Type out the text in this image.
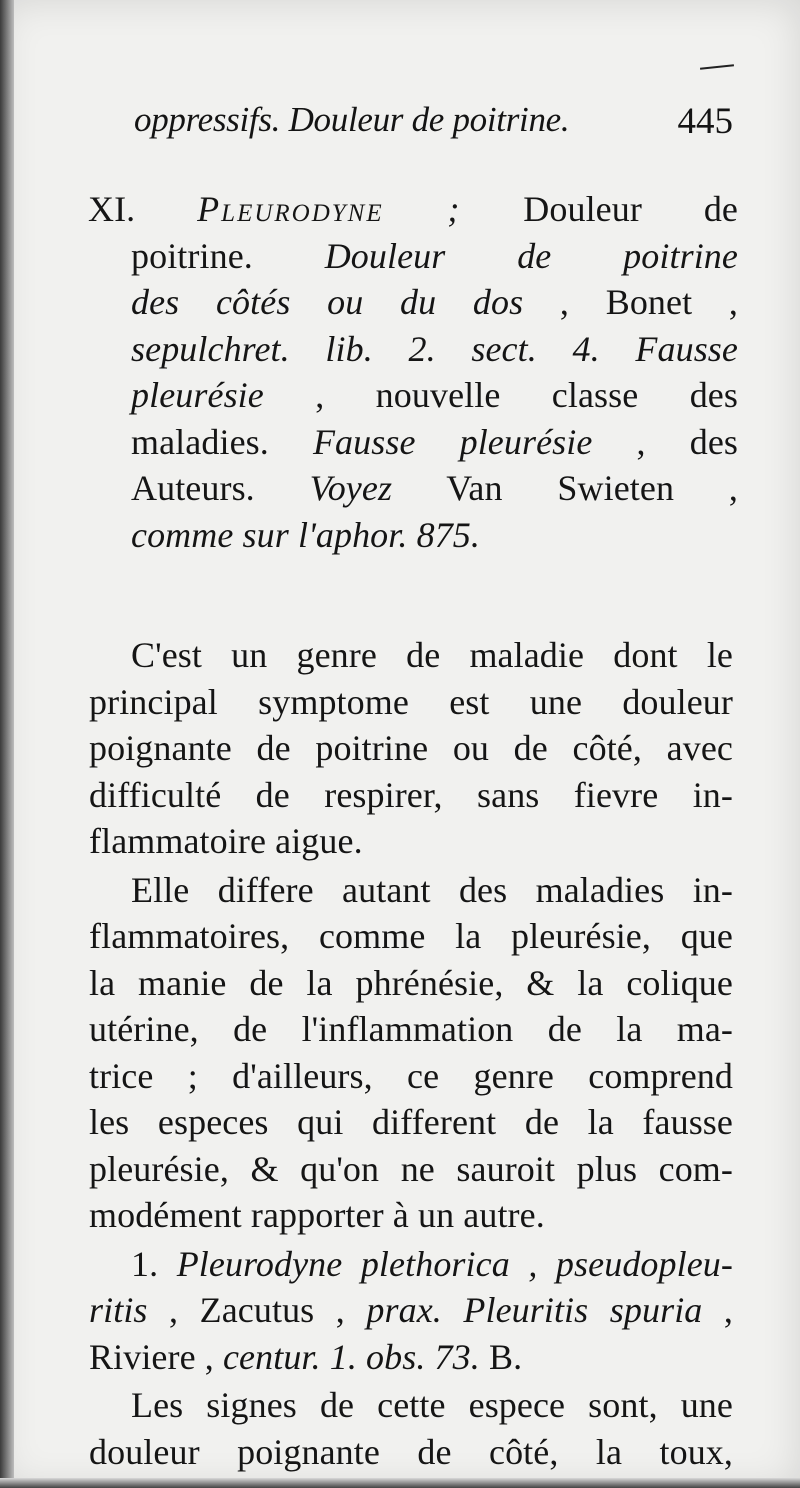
oppressifs. Douleur de poitrine.	445
XI. Pleurodyne ; Douleur de
poitrine. Douleur de poitrine
des côtés ou du dos , Bonet ,
sepulchret. lib. 2. sect. 4. Fausse
pleurésie , nouvelle classe des
maladies. Fausse pleurésie , des
Auteurs. Voyez Van Swieten ,
comme sur l'aphor. 875.
C'est un genre de maladie dont le
principal symptome est une douleur
poignante de poitrine ou de côté, avec
difficulté de respirer, sans fievre in-
flammatoire aigue.
Elle differe autant des maladies in-
flammatoires, comme la pleurésie, que
la manie de la phrénésie, & la colique
utérine, de l'inflammation de la ma-
trice ; d'ailleurs, ce genre comprend
les especes qui different de la fausse
pleurésie, & qu'on ne sauroit plus com-
modément rapporter à un autre.
1. Pleurodyne plethorica , pseudopleu-
ritis , Zacutus , prax. Pleuritis spuria ,
Riviere , centur. 1. obs. 73. B.
Les signes de cette espece sont, une
douleur poignante de côté, la toux,
